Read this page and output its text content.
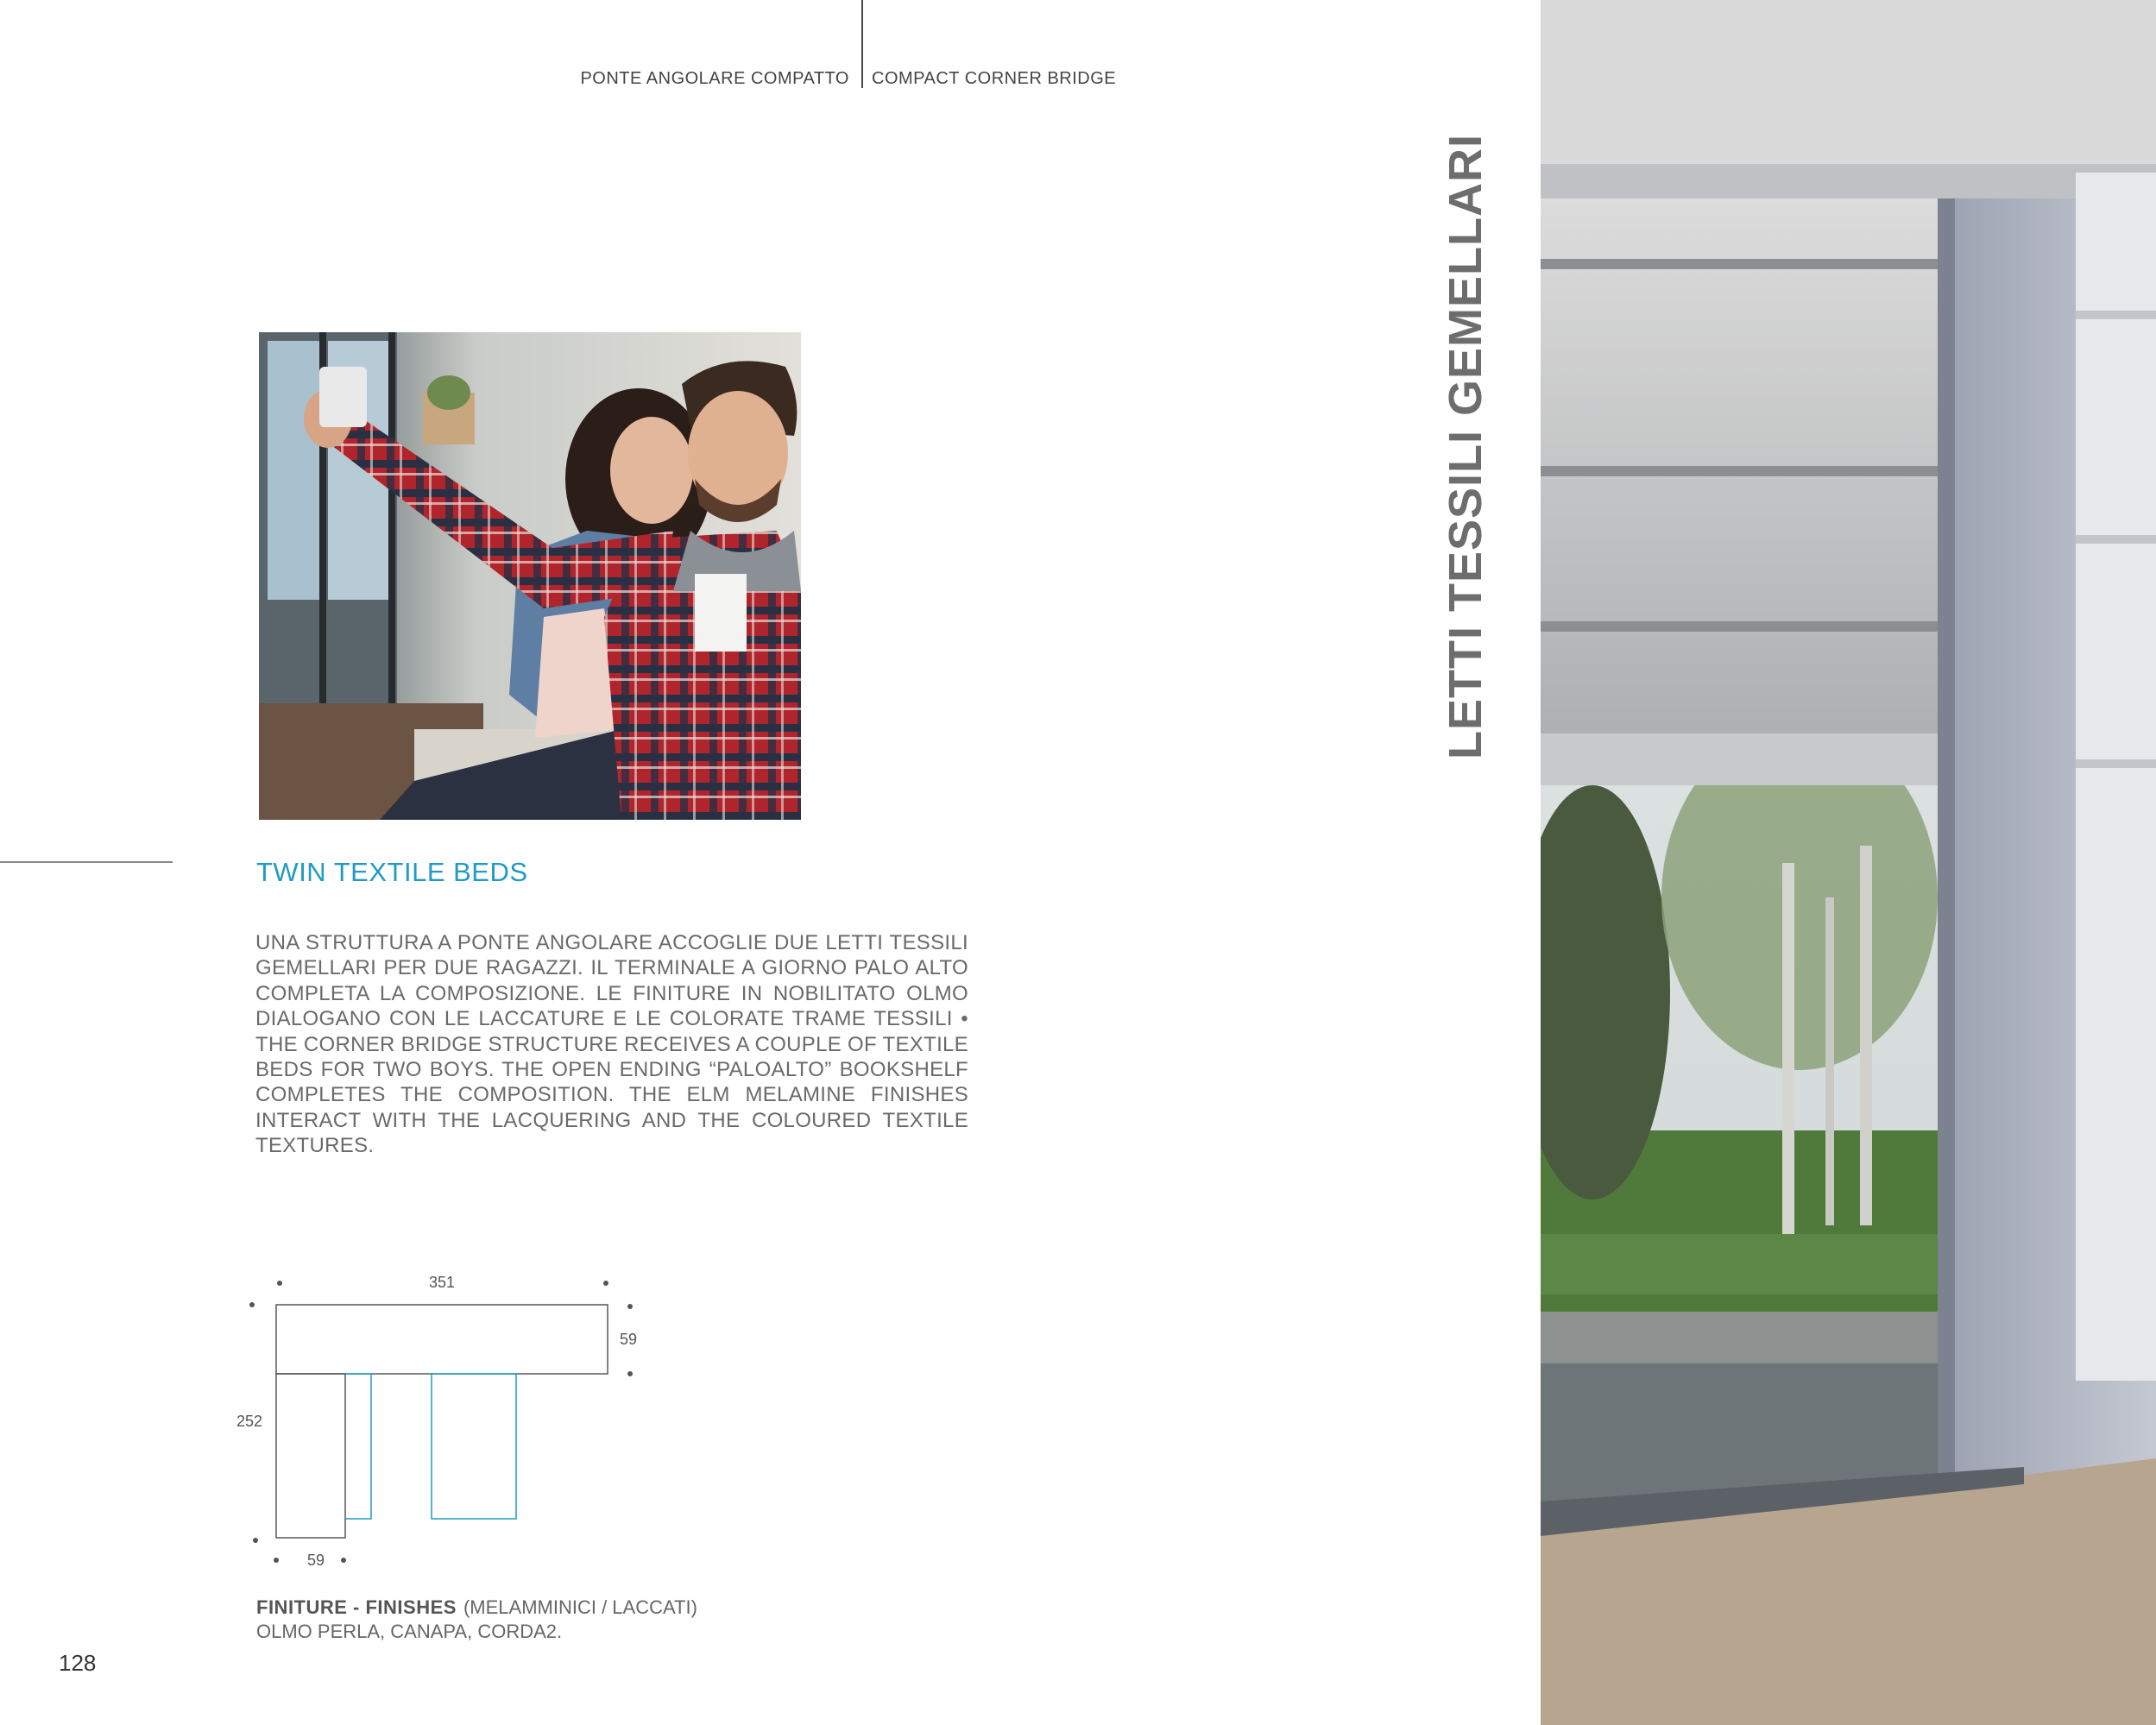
PONTE ANGOLARE COMPATTO COMPACT CORNER BRIDGE
TWIN TEXTILE BEDS
UNA STRUTTURA A PONTE ANGOLARE ACCOGLIE DUE LETTI TESSILI GEMELLARI PER DUE RAGAZZI. IL TERMINALE A GIORNO PALO ALTO COMPLETA LA COMPOSIZIONE. LE FINITURE IN NOBILITATO OLMO DIALOGANO CON LE LACCATURE E LE COLORATE TRAME TESSILI • THE CORNER BRIDGE STRUCTURE RECEIVES A COUPLE OF TEXTILE BEDS FOR TWO BOYS. THE OPEN ENDING “PALOALTO” BOOKSHELF COMPLETES THE COMPOSITION. THE ELM MELAMINE FINISHES INTERACT WITH THE LACQUERING AND THE COLOURED TEXTILE TEXTURES.
351
59
252
59
FINITURE - FINISHES (MELAMMINICI / LACCATI)
OLMO PERLA, CANAPA, CORDA2.
128
LETTI TESSILI GEMELLARI
